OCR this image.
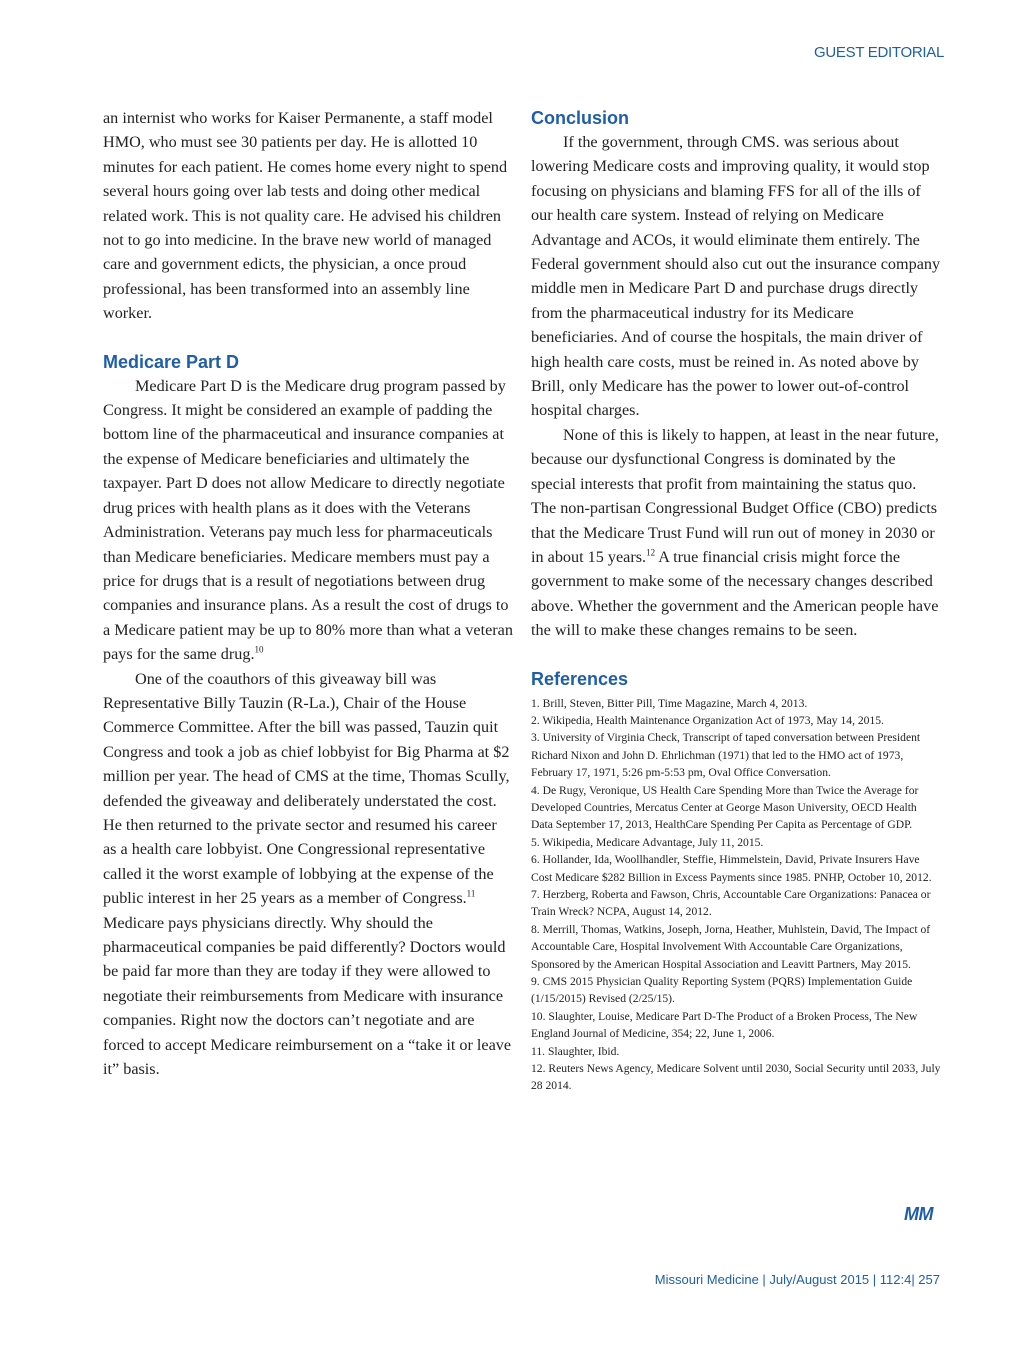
GUEST EDITORIAL

an internist who works for Kaiser Permanente, a staff model HMO, who must see 30 patients per day. He is allotted 10 minutes for each patient. He comes home every night to spend several hours going over lab tests and doing other medical related work. This is not quality care. He advised his children not to go into medicine. In the brave new world of managed care and government edicts, the physician, a once proud professional, has been transformed into an assembly line worker.

Medicare Part D

Medicare Part D is the Medicare drug program passed by Congress. It might be considered an example of padding the bottom line of the pharmaceutical and insurance companies at the expense of Medicare beneficiaries and ultimately the taxpayer. Part D does not allow Medicare to directly negotiate drug prices with health plans as it does with the Veterans Administration. Veterans pay much less for pharmaceuticals than Medicare beneficiaries. Medicare members must pay a price for drugs that is a result of negotiations between drug companies and insurance plans. As a result the cost of drugs to a Medicare patient may be up to 80% more than what a veteran pays for the same drug.$^{10}$

One of the coauthors of this giveaway bill was Representative Billy Tauzin (R-La.), Chair of the House Commerce Committee. After the bill was passed, Tauzin quit Congress and took a job as chief lobbyist for Big Pharma at $2 million per year. The head of CMS at the time, Thomas Scully, defended the giveaway and deliberately understated the cost. He then returned to the private sector and resumed his career as a health care lobbyist. One Congressional representative called it the worst example of lobbying at the expense of the public interest in her 25 years as a member of Congress.$^{11}$ Medicare pays physicians directly. Why should the pharmaceutical companies be paid differently? Doctors would be paid far more than they are today if they were allowed to negotiate their reimbursements from Medicare with insurance companies. Right now the doctors can’t negotiate and are forced to accept Medicare reimbursement on a “take it or leave it” basis.

Conclusion

If the government, through CMS. was serious about lowering Medicare costs and improving quality, it would stop focusing on physicians and blaming FFS for all of the ills of our health care system. Instead of relying on Medicare Advantage and ACOs, it would eliminate them entirely. The Federal government should also cut out the insurance company middle men in Medicare Part D and purchase drugs directly from the pharmaceutical industry for its Medicare beneficiaries. And of course the hospitals, the main driver of high health care costs, must be reined in. As noted above by Brill, only Medicare has the power to lower out-of-control hospital charges.

None of this is likely to happen, at least in the near future, because our dysfunctional Congress is dominated by the special interests that profit from maintaining the status quo. The non-partisan Congressional Budget Office (CBO) predicts that the Medicare Trust Fund will run out of money in 2030 or in about 15 years.$^{12}$ A true financial crisis might force the government to make some of the necessary changes described above. Whether the government and the American people have the will to make these changes remains to be seen.

References
1. Brill, Steven, Bitter Pill, Time Magazine, March 4, 2013.
2. Wikipedia, Health Maintenance Organization Act of 1973, May 14, 2015.
3. University of Virginia Check, Transcript of taped conversation between President Richard Nixon and John D. Ehrlichman (1971) that led to the HMO act of 1973, February 17, 1971, 5:26 pm-5:53 pm, Oval Office Conversation.
4. De Rugy, Veronique, US Health Care Spending More than Twice the Average for Developed Countries, Mercatus Center at George Mason University, OECD Health Data September 17, 2013, HealthCare Spending Per Capita as Percentage of GDP.
5. Wikipedia, Medicare Advantage, July 11, 2015.
6. Hollander, Ida, Woollhandler, Steffie, Himmelstein, David, Private Insurers Have Cost Medicare $282 Billion in Excess Payments since 1985. PNHP, October 10, 2012.
7. Herzberg, Roberta and Fawson, Chris, Accountable Care Organizations: Panacea or Train Wreck? NCPA, August 14, 2012.
8. Merrill, Thomas, Watkins, Joseph, Jorna, Heather, Muhlstein, David, The Impact of Accountable Care, Hospital Involvement With Accountable Care Organizations, Sponsored by the American Hospital Association and Leavitt Partners, May 2015.
9. CMS 2015 Physician Quality Reporting System (PQRS) Implementation Guide (1/15/2015) Revised (2/25/15).
10. Slaughter, Louise, Medicare Part D-The Product of a Broken Process, The New England Journal of Medicine, 354; 22, June 1, 2006.
11. Slaughter, Ibid.
12. Reuters News Agency, Medicare Solvent until 2030, Social Security until 2033, July 28 2014.
MM
Missouri Medicine | July/August 2015 | 112:4| 257
